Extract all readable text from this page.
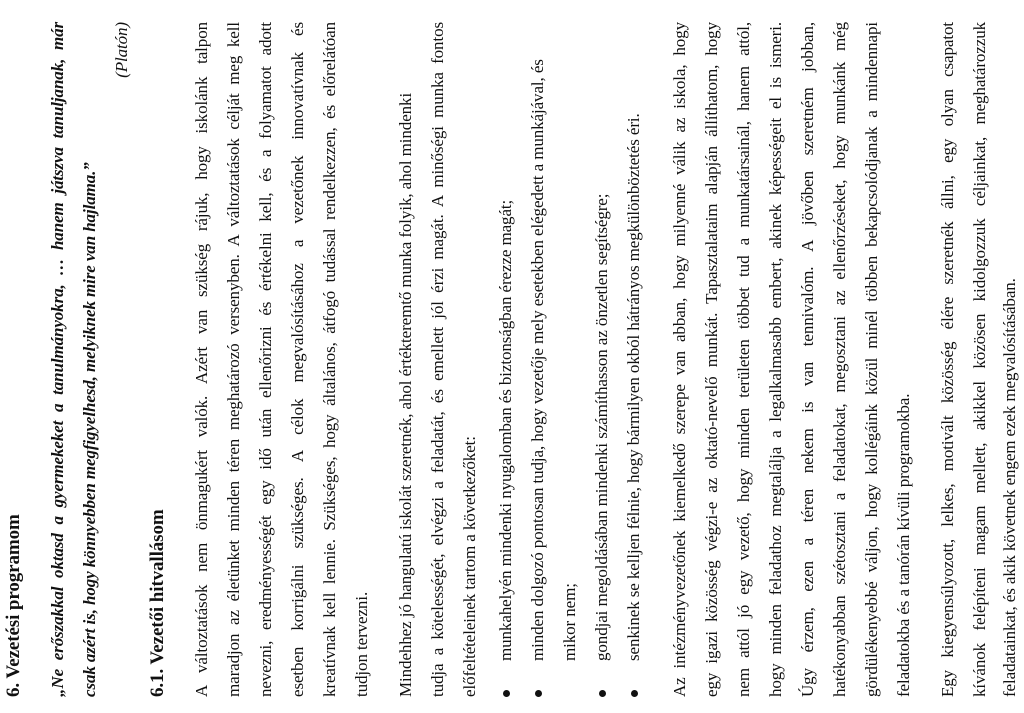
6. Vezetési programom „Ne erőszakkal oktasd a gyermekeket a tanulmányokra, … hanem játszva tanuljanak, már csak azért is, hogy könnyebben megfigyelhesd, melyiknek mire van hajlama.”
(Platón)
6.1. Vezetői hitvallásom A változtatások nem önmagukért valók. Azért van szükség rájuk, hogy iskolánk talpon maradjon az életünket minden téren meghatározó versenyben. A változtatások célját meg kell nevezni, eredményességét egy idő után ellenőrizni és értékelni kell, és a folyamatot adott esetben korrigálni szükséges. A célok megvalósításához a vezetőnek innovatívnak és kreatívnak kell lennie. Szükséges, hogy általános, átfogó tudással rendelkezzen, és előrelátóan tudjon tervezni. Mindehhez jó hangulatú iskolát szeretnék, ahol értékteremtő munka folyik, ahol mindenki tudja a kötelességét, elvégzi a feladatát, és emellett jól érzi magát. A minőségi munka fontos előfeltételeinek tartom a következőket: munkahelyén mindenki nyugalomban és biztonságban érezze magát; minden dolgozó pontosan tudja, hogy vezetője mely esetekben elégedett a munkájával, és mikor nem; gondjai megoldásában mindenki számíthasson az önzetlen segítségre; senkinek se kelljen félnie, hogy bármilyen okból hátrányos megkülönböztetés éri. Az intézményvezetőnek kiemelkedő szerepe van abban, hogy milyenné válik az iskola, hogy egy igazi közösség végzi-e az oktató-nevelő munkát. Tapasztalataim alapján állíthatom, hogy nem attól jó egy vezető, hogy minden területen többet tud a munkatársainál, hanem attól, hogy minden feladathoz megtalálja a legalkalmasabb embert, akinek képességeit el is ismeri. Úgy érzem, ezen a téren nekem is van tennivalóm. A jövőben szeretném jobban, hatékonyabban szétosztani a feladatokat, megosztani az ellenőrzéseket, hogy munkánk még gördülékenyebbé váljon, hogy kollégáink közül minél többen bekapcsolódjanak a mindennapi feladatokba és a tanórán kívüli programokba. Egy kiegyensúlyozott, lelkes, motivált közösség élére szeretnék állni, egy olyan csapatot kívánok felépíteni magam mellett, akikkel közösen kidolgozzuk céljainkat, meghatározzuk feladatainkat, és akik követnek engem ezek megvalósításában.
